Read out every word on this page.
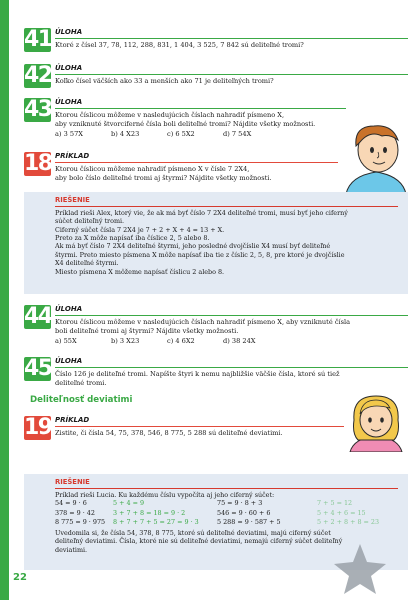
41 ÚLOHA
Ktoré z čísel 37, 78, 112, 288, 831, 1 404, 3 525, 7 842 sú deliteľné tromi?
42 ÚLOHA
Koľko čísel väčších ako 33 a menších ako 71 je deliteľných tromi?
43 ÚLOHA
Ktorou číslicou môžeme v nasledujúcich číslach nahradiť písmeno X,
aby vzniknuté štvorciferné čísla boli deliteľné tromi? Nájdite všetky možnosti.
a) 3 57X	b) 4 X23	c) 6 5X2	d) 7 54X
18 PRÍKLAD
Ktorou číslicou môžeme nahradiť písmeno X v čísle 7 2X4,
aby bolo číslo deliteľné tromi aj štyrmi? Nájdite všetky možnosti.
RIEŠENIE
Príklad rieši Alex, ktorý vie, že ak má byť číslo 7 2X4 deliteľné tromi, musí byť jeho ciferný
súčet deliteľný tromi.
Ciferný súčet čísla 7 2X4 je 7 + 2 + X + 4 = 13 + X.
Preto za X môže napísať iba číslice 2, 5 alebo 8.
Ak má byť číslo 7 2X4 deliteľné štyrmi, jeho posledné dvojčíslie X4 musí byť deliteľné
štyrmi. Preto miesto písmena X môže napísať iba tie z číslic 2, 5, 8, pre ktoré je dvojčíslie
X4 deliteľné štyrmi.
Miesto písmena X môžeme napísať číslicu 2 alebo 8.
44 ÚLOHA
Ktorou číslicou môžeme v nasledujúcich číslach nahradiť písmeno X, aby vzniknuté čísla
boli deliteľné tromi aj štyrmi? Nájdite všetky možnosti.
a) 55X	b) 3 X23	c) 4 6X2	d) 38 24X
45 ÚLOHA
Číslo 126 je deliteľné tromi. Napíšte štyri k nemu najbližšie väčšie čísla, ktoré sú tiež
deliteľné tromi.
Deliteľnosť deviatimi
19 PRÍKLAD
Zistite, či čísla 54, 75, 378, 546, 8 775, 5 288 sú deliteľné deviatimi.
RIEŠENIE
Príklad rieši Lucia. Ku každému číslu vypočíta aj jeho ciferný súčet:
54 = 9 · 6	5 + 4 = 9	75 = 9 · 8 + 3	7 + 5 = 12
378 = 9 · 42	3 + 7 + 8 = 18 = 9 · 2	546 = 9 · 60 + 6	5 + 4 + 6 = 15
8 775 = 9 · 975	8 + 7 + 7 + 5 = 27 = 9 · 3	5 288 = 9 · 587 + 5	5 + 2 + 8 + 8 = 23
Uvedomila si, že čísla 54, 378, 8 775, ktoré sú deliteľné deviatimi, majú ciferný súčet
deliteľný deviatimi. Čísla, ktoré nie sú deliteľné deviatimi, nemajú ciferný súčet deliteľný
deviatimi.
22
